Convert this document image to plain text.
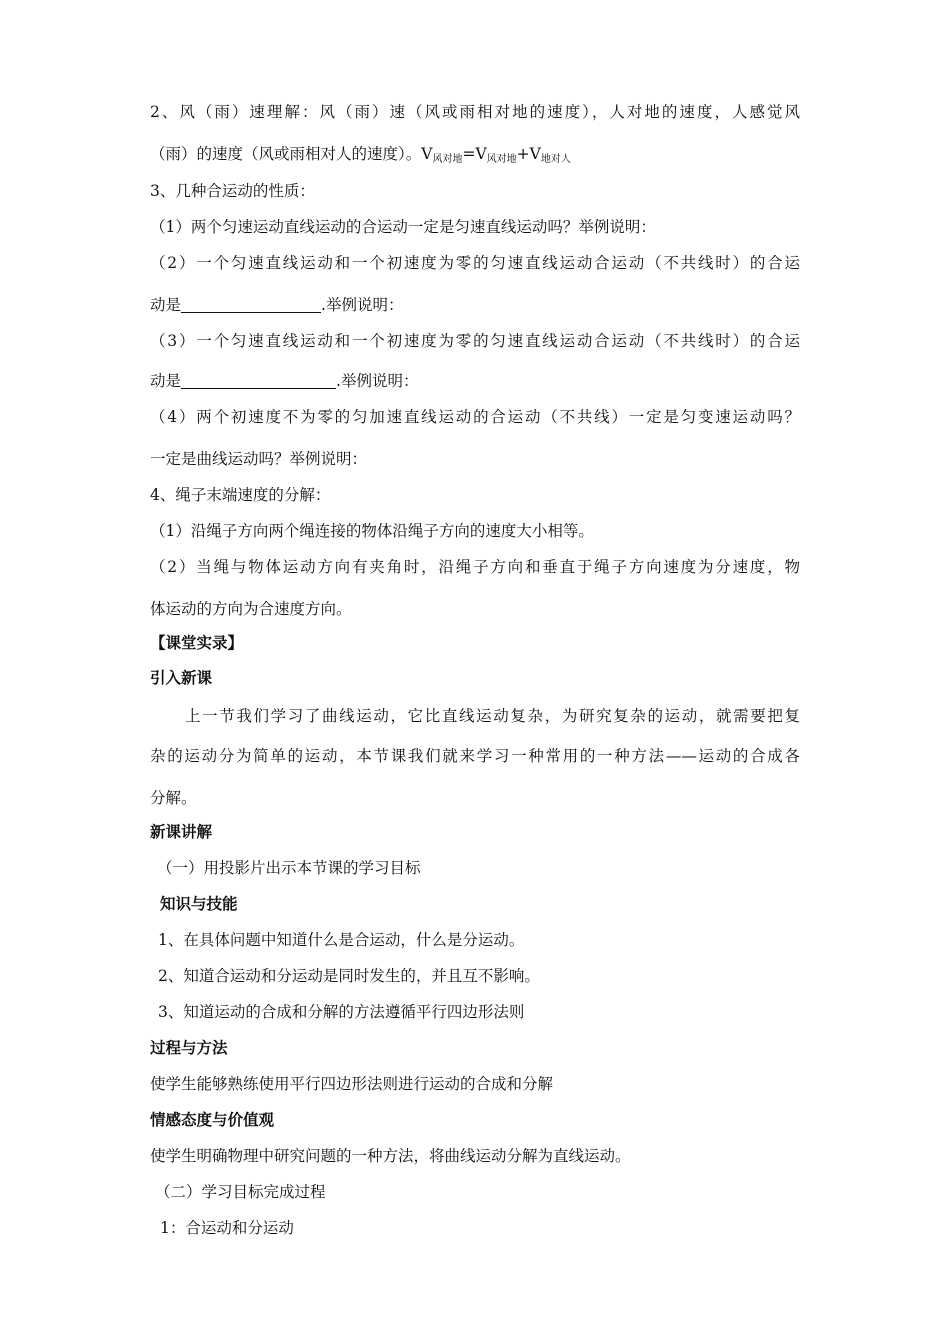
2、风（雨）速理解：风（雨）速（风或雨相对地的速度），人对地的速度，人感觉风
（雨）的速度（风或雨相对人的速度）。$V_{风对地}=V_{风对地}+V_{地对人}$
3、几种合运动的性质：
（1）两个匀速运动直线运动的合运动一定是匀速直线运动吗？举例说明：
（2）一个匀速直线运动和一个初速度为零的匀速直线运动合运动（不共线时）的合运
动是	.举例说明：
（3）一个匀速直线运动和一个初速度为零的匀速直线运动合运动（不共线时）的合运
动是	.举例说明：
（4）两个初速度不为零的匀加速直线运动的合运动（不共线）一定是匀变速运动吗？
一定是曲线运动吗？举例说明：
4、绳子末端速度的分解：
（1）沿绳子方向两个绳连接的物体沿绳子方向的速度大小相等。
（2）当绳与物体运动方向有夹角时，沿绳子方向和垂直于绳子方向速度为分速度，物
体运动的方向为合速度方向。
【课堂实录】
引入新课
上一节我们学习了曲线运动，它比直线运动复杂，为研究复杂的运动，就需要把复
杂的运动分为简单的运动，本节课我们就来学习一种常用的一种方法——运动的合成各
分解。
新课讲解
（一）用投影片出示本节课的学习目标
知识与技能
1、在具体问题中知道什么是合运动，什么是分运动。
2、知道合运动和分运动是同时发生的，并且互不影响。
3、知道运动的合成和分解的方法遵循平行四边形法则
过程与方法
使学生能够熟练使用平行四边形法则进行运动的合成和分解
情感态度与价值观
使学生明确物理中研究问题的一种方法，将曲线运动分解为直线运动。
（二）学习目标完成过程
1：合运动和分运动
